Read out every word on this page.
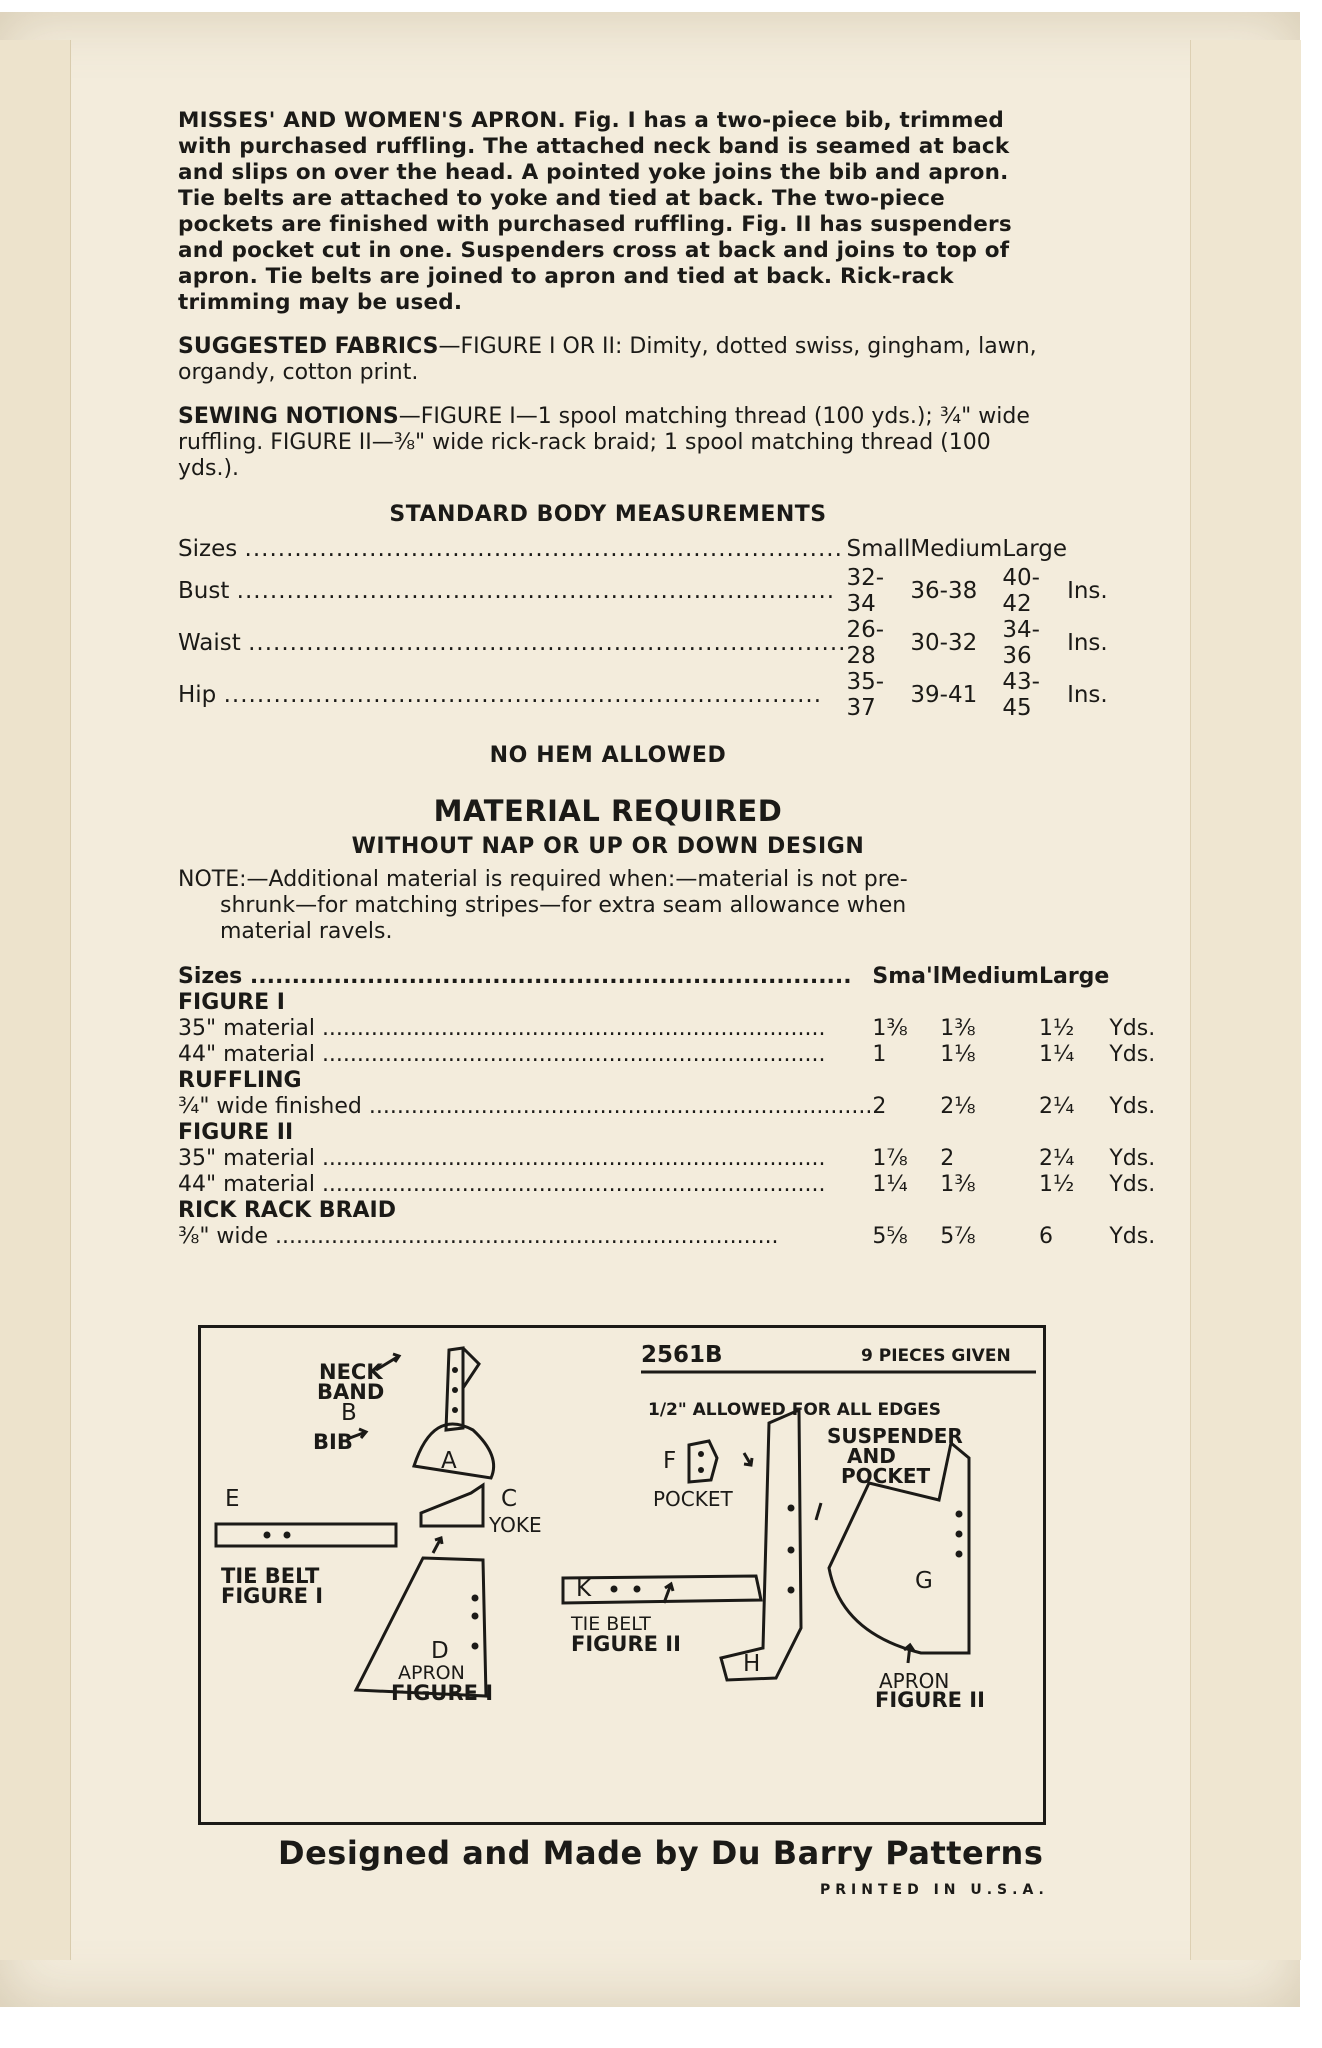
MISSES' AND WOMEN'S APRON. Fig. I has a two-piece bib, trimmed with purchased ruffling. The attached neck band is seamed at back and slips on over the head. A pointed yoke joins the bib and apron. Tie belts are attached to yoke and tied at back. The two-piece pockets are finished with purchased ruffling. Fig. II has suspenders and pocket cut in one. Suspenders cross at back and joins to top of apron. Tie belts are joined to apron and tied at back. Rick-rack trimming may be used.

SUGGESTED FABRICS—FIGURE I OR II: Dimity, dotted swiss, gingham, lawn, organdy, cotton print.

SEWING NOTIONS—FIGURE I—1 spool matching thread (100 yds.); ¾" wide ruffling. FIGURE II—⅜" wide rick-rack braid; 1 spool matching thread (100 yds.).

STANDARD BODY MEASUREMENTS
Sizes ........................................................................	Small	Medium	Large	
Bust ........................................................................	32-34	36-38	40-42	Ins.
Waist ........................................................................	26-28	30-32	34-36	Ins.
Hip ........................................................................	35-37	39-41	43-45	Ins.
NO HEM ALLOWED
MATERIAL REQUIRED
WITHOUT NAP OR UP OR DOWN DESIGN
NOTE:—Additional material is required when:—material is not pre-
shrunk—for matching stripes—for extra seam allowance when
material ravels.
Sizes ........................................................................	Sma'l	Medium	Large	
FIGURE I				
35" material ........................................................................	1⅜	1⅜	1½	Yds.
44" material ........................................................................	1	1⅛	1¼	Yds.
RUFFLING				
¾" wide finished ........................................................................	2	2⅛	2¼	Yds.
FIGURE II				
35" material ........................................................................	1⅞	2	2¼	Yds.
44" material ........................................................................	1¼	1⅜	1½	Yds.
RICK RACK BRAID				
⅜" wide ........................................................................	5⅝	5⅞	6	Yds.
2561B	9 PIECES GIVEN
1/2" ALLOWED FOR ALL EDGES
NECK
BAND
B
BIB
A
C
YOKE
E
TIE BELT
FIGURE I
D
APRON
FIGURE I
F
POCKET
K
TIE BELT
FIGURE II
H
SUSPENDER
AND
POCKET
G
APRON
FIGURE II
Designed and Made by Du Barry Patterns
PRINTED IN U.S.A.
